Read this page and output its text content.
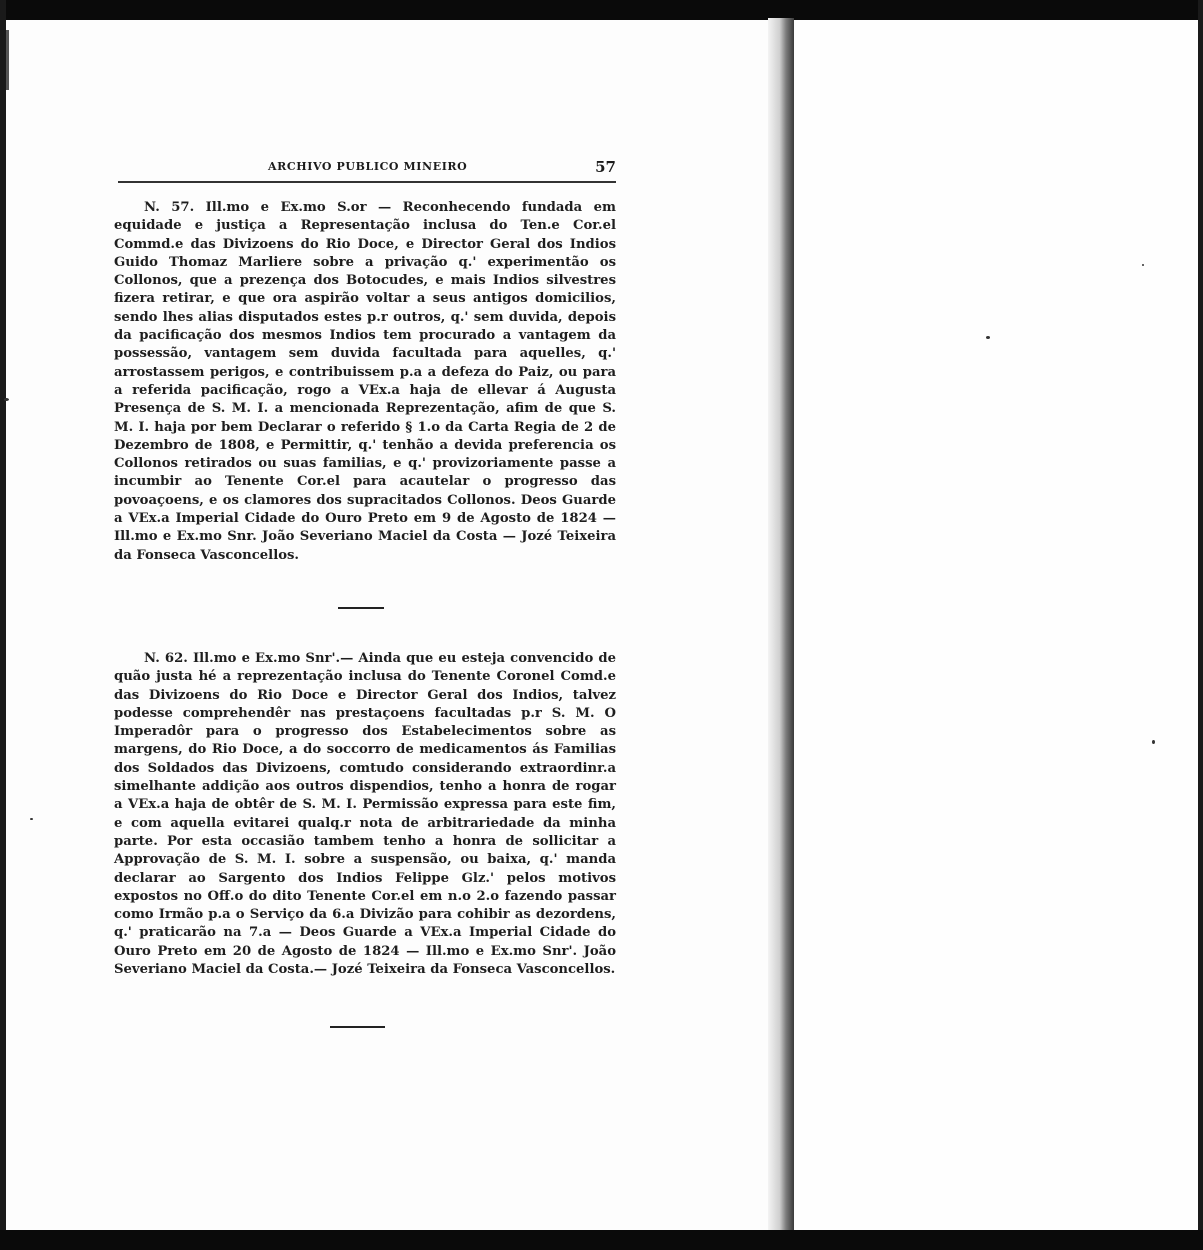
ARCHIVO PUBLICO MINEIRO	57

N. 57. Ill.mo e Ex.mo S.or — Reconhecendo fundada em equidade e justiça a Representação inclusa do Ten.e Cor.el Commd.e das Divizoens do Rio Doce, e Director Geral dos Indios Guido Thomaz Marliere sobre a privação q.' experimentão os Collonos, que a prezença dos Botocudes, e mais Indios silvestres fizera retirar, e que ora aspirão voltar a seus antigos domicilios, sendo lhes alias disputados estes p.r outros, q.' sem duvida, depois da pacificação dos mesmos Indios tem procurado a vantagem da possessão, vantagem sem duvida facultada para aquelles, q.' arrostassem perigos, e contribuissem p.a a defeza do Paiz, ou para a referida pacificação, rogo a VEx.a haja de ellevar á Augusta Presença de S. M. I. a mencionada Reprezentação, afim de que S. M. I. haja por bem Declarar o referido § 1.o da Carta Regia de 2 de Dezembro de 1808, e Permittir, q.' tenhão a devida preferencia os Collonos retirados ou suas familias, e q.' provizoriamente passe a incumbir ao Tenente Cor.el para acautelar o progresso das povoaçoens, e os clamores dos supracitados Collonos. Deos Guarde a VEx.a Imperial Cidade do Ouro Preto em 9 de Agosto de 1824 — Ill.mo e Ex.mo Snr. João Severiano Maciel da Costa — Jozé Teixeira da Fonseca Vasconcellos.

N. 62. Ill.mo e Ex.mo Snr'.— Ainda que eu esteja convencido de quão justa hé a reprezentação inclusa do Tenente Coronel Comd.e das Divizoens do Rio Doce e Director Geral dos Indios, talvez podesse comprehendêr nas prestaçoens facultadas p.r S. M. O Imperadôr para o progresso dos Estabelecimentos sobre as margens, do Rio Doce, a do soccorro de medicamentos ás Familias dos Soldados das Divizoens, comtudo considerando extraordinr.a simelhante addição aos outros dispendios, tenho a honra de rogar a VEx.a haja de obtêr de S. M. I. Permissão expressa para este fim, e com aquella evitarei qualq.r nota de arbitrariedade da minha parte. Por esta occasião tambem tenho a honra de sollicitar a Approvação de S. M. I. sobre a suspensão, ou baixa, q.' manda declarar ao Sargento dos Indios Felippe Glz.' pelos motivos expostos no Off.o do dito Tenente Cor.el em n.o 2.o fazendo passar como Irmão p.a o Serviço da 6.a Divizão para cohibir as dezordens, q.' praticarão na 7.a — Deos Guarde a VEx.a Imperial Cidade do Ouro Preto em 20 de Agosto de 1824 — Ill.mo e Ex.mo Snr'. João Severiano Maciel da Costa.— Jozé Teixeira da Fonseca Vasconcellos.
